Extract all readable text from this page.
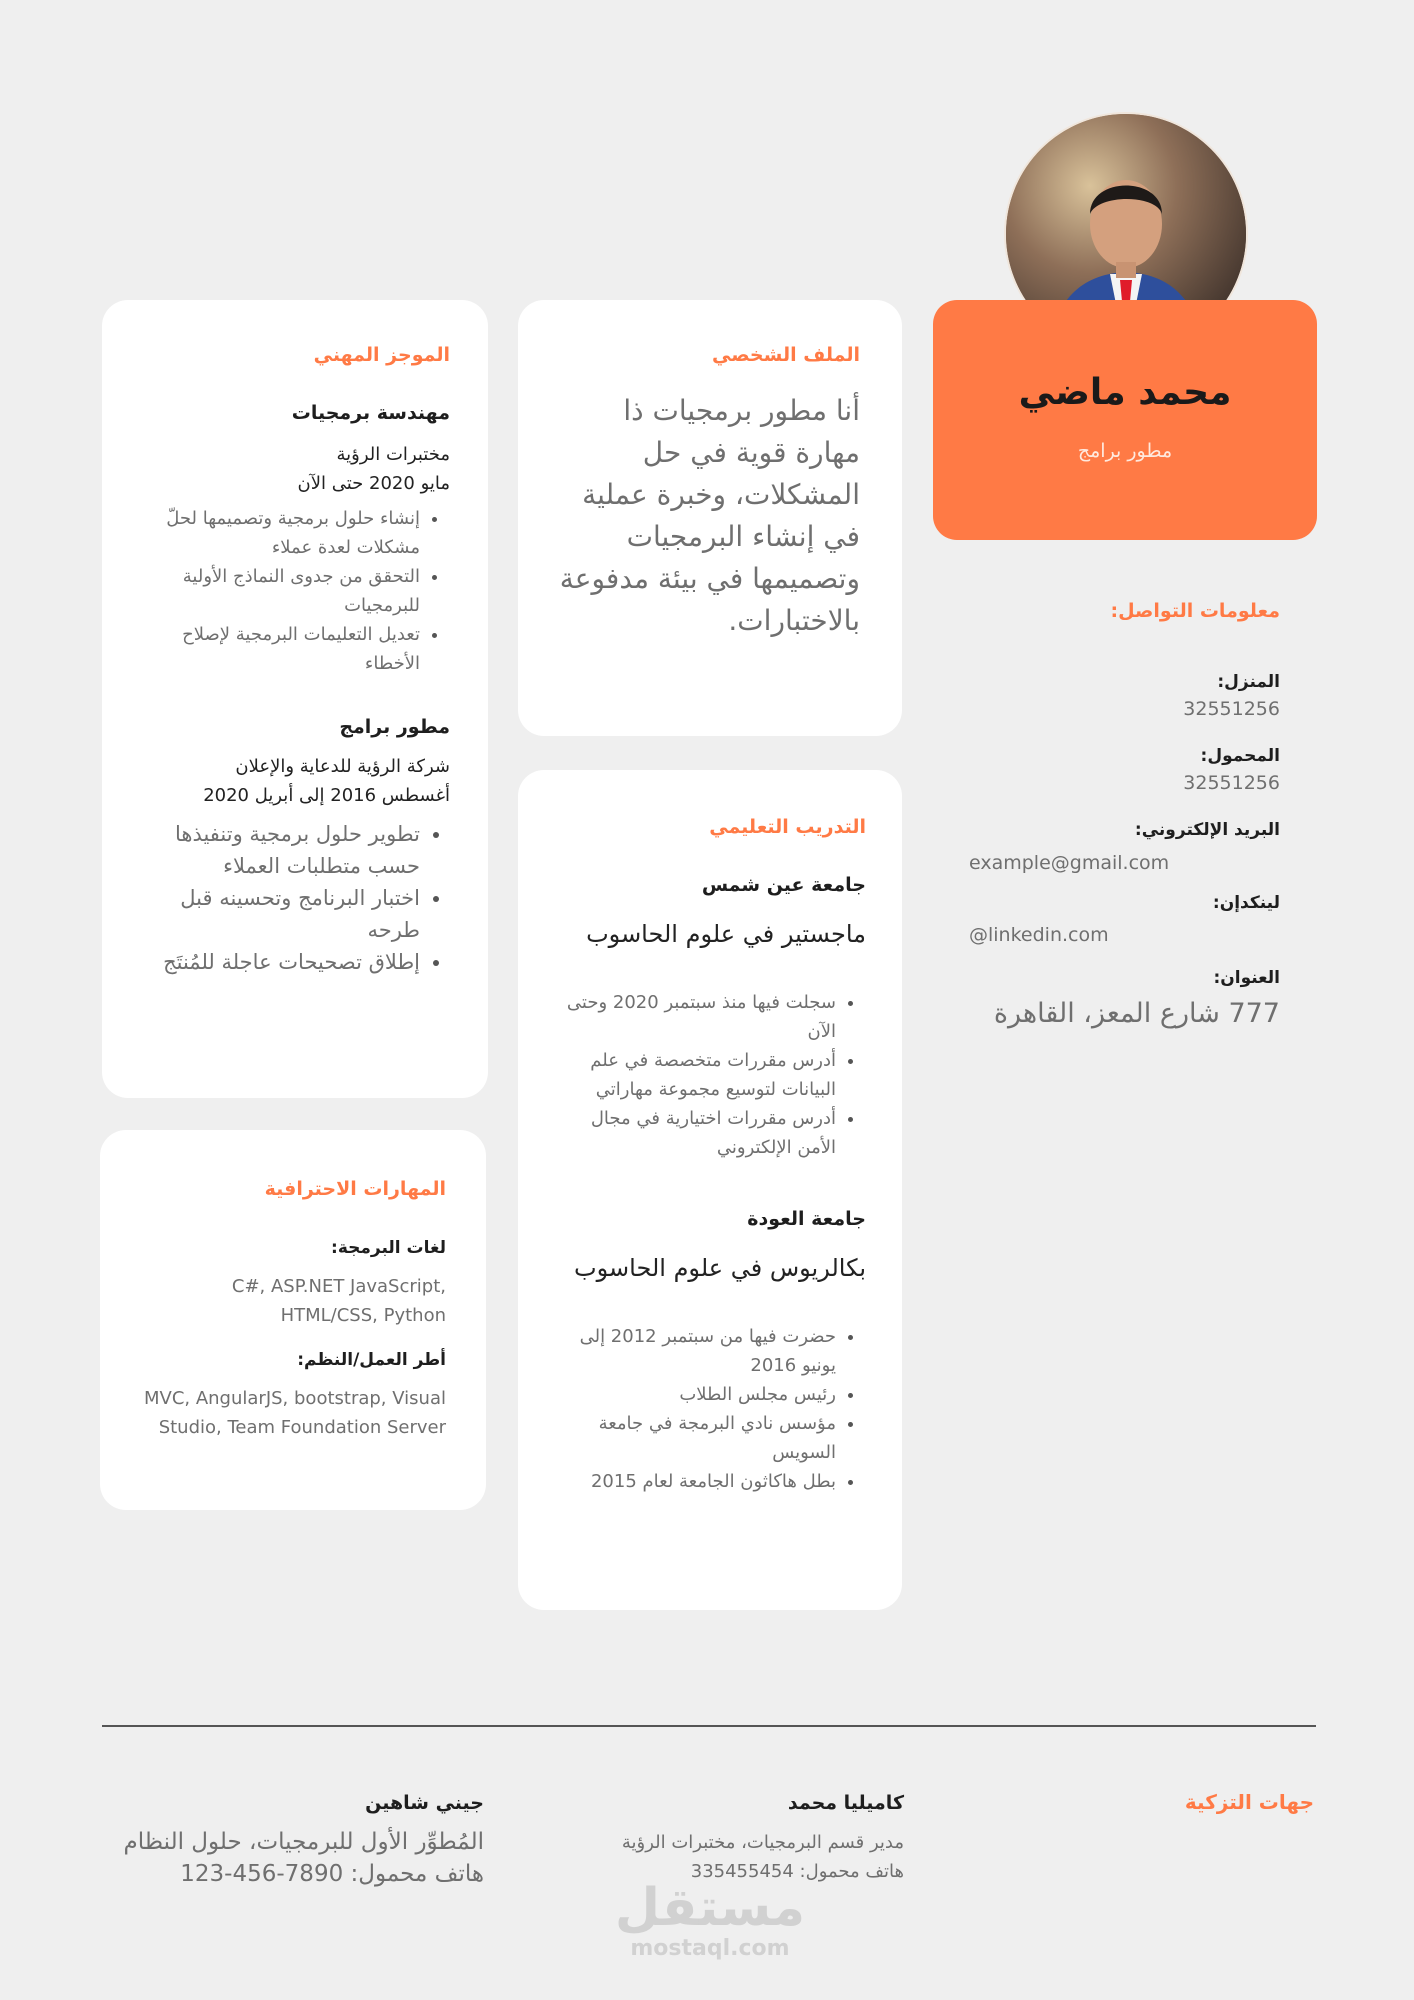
محمد ماضي
مطور برامج

معلومات التواصل:

المنزل:

32551256

المحمول:

32551256

البريد الإلكتروني:

example@gmail.com

لينكدإن:

@linkedin.com

العنوان:

777 شارع المعز، القاهرة

الملف الشخصي

أنا مطور برمجيات ذا مهارة قوية في حل المشكلات، وخبرة عملية في إنشاء البرمجيات وتصميمها في بيئة مدفوعة بالاختبارات.

التدريب التعليمي

جامعة عين شمس

ماجستير في علوم الحاسوب

• سجلت فيها منذ سبتمبر 2020 وحتى الآن
• أدرس مقررات متخصصة في علم البيانات لتوسيع مجموعة مهاراتي
• أدرس مقررات اختيارية في مجال الأمن الإلكتروني

جامعة العودة

بكالريوس في علوم الحاسوب

• حضرت فيها من سبتمبر 2012 إلى يونيو 2016
• رئيس مجلس الطلاب
• مؤسس نادي البرمجة في جامعة السويس
• بطل هاكاثون الجامعة لعام 2015

الموجز المهني

مهندسة برمجيات

مختبرات الرؤية

مايو 2020 حتى الآن

• إنشاء حلول برمجية وتصميمها لحلّ مشكلات لعدة عملاء
• التحقق من جدوى النماذج الأولية للبرمجيات
• تعديل التعليمات البرمجية لإصلاح الأخطاء

مطور برامج

شركة الرؤية للدعاية والإعلان

أغسطس 2016 إلى أبريل 2020

• تطوير حلول برمجية وتنفيذها حسب متطلبات العملاء
• اختبار البرنامج وتحسينه قبل طرحه
• إطلاق تصحيحات عاجلة للمُنتَج

المهارات الاحترافية

لغات البرمجة:

C#, ASP.NET JavaScript, HTML/CSS, Python

أطر العمل/النظم:

MVC, AngularJS, bootstrap, Visual Studio, Team Foundation Server

جهات التزكية

كاميليا محمد

مدير قسم البرمجيات، مختبرات الرؤية

هاتف محمول: 335455454

جيني شاهين

المُطوِّر الأول للبرمجيات، حلول النظام

هاتف محمول: 7890-456-123

مستقل
mostaql.com
